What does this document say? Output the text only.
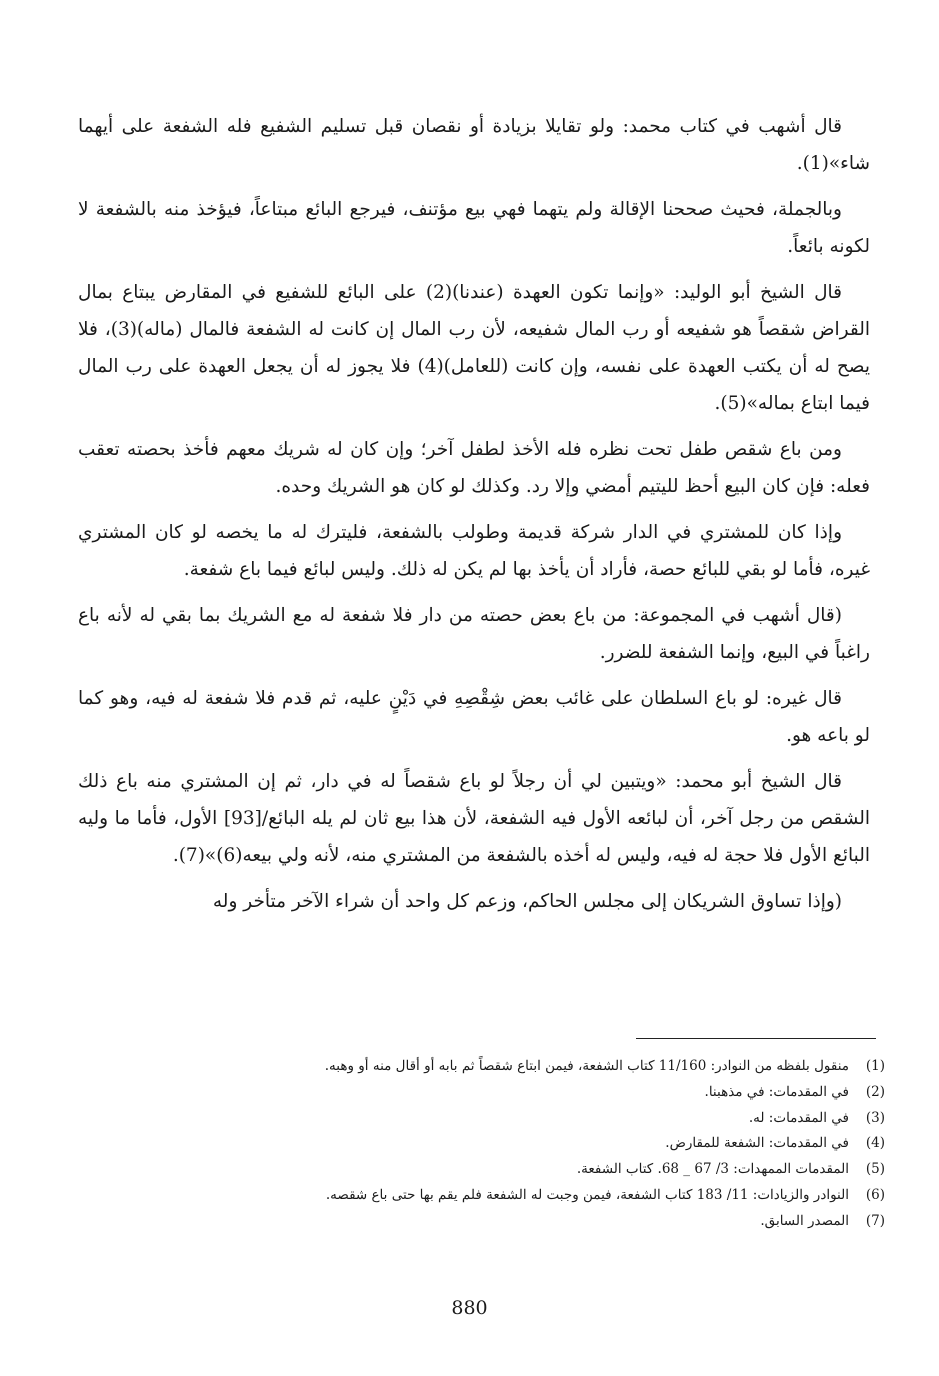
قال أشهب في كتاب محمد: ولو تقايلا بزيادة أو نقصان قبل تسليم الشفيع فله الشفعة على أيهما شاء»(1).

وبالجملة، فحيث صححنا الإقالة ولم يتهما فهي بيع مؤتنف، فيرجع البائع مبتاعاً، فيؤخذ منه بالشفعة لا لكونه بائعاً.

قال الشيخ أبو الوليد: «وإنما تكون العهدة (عندنا)(2) على البائع للشفيع في المقارض يبتاع بمال القراض شقصاً هو شفيعه أو رب المال شفيعه، لأن رب المال إن كانت له الشفعة فالمال (ماله)(3)، فلا يصح له أن يكتب العهدة على نفسه، وإن كانت (للعامل)(4) فلا يجوز له أن يجعل العهدة على رب المال فيما ابتاع بماله»(5).

ومن باع شقص طفل تحت نظره فله الأخذ لطفل آخر؛ وإن كان له شريك معهم فأخذ بحصته تعقب فعله: فإن كان البيع أحظ لليتيم أمضي وإلا رد. وكذلك لو كان هو الشريك وحده.

وإذا كان للمشتري في الدار شركة قديمة وطولب بالشفعة، فليترك له ما يخصه لو كان المشتري غيره، فأما لو بقي للبائع حصة، فأراد أن يأخذ بها لم يكن له ذلك. وليس لبائع فيما باع شفعة.

(قال أشهب في المجموعة: من باع بعض حصته من دار فلا شفعة له مع الشريك بما بقي له لأنه باع راغباً في البيع، وإنما الشفعة للضرر.

قال غيره: لو باع السلطان على غائب بعض شِقْصِهِ في دَيْنٍ عليه، ثم قدم فلا شفعة له فيه، وهو كما لو باعه هو.

قال الشيخ أبو محمد: «ويتبين لي أن رجلاً لو باع شقصاً له في دار، ثم إن المشتري منه باع ذلك الشقص من رجل آخر، أن لبائعه الأول فيه الشفعة، لأن هذا بيع ثان لم يله البائع/[93] الأول، فأما ما وليه البائع الأول فلا حجة له فيه، وليس له أخذه بالشفعة من المشتري منه، لأنه ولي بيعه(6)»(7).

(وإذا تساوق الشريكان إلى مجلس الحاكم، وزعم كل واحد أن شراء الآخر متأخر وله

(1)منقول بلفظه من النوادر: 11/160 كتاب الشفعة، فيمن ابتاع شقصاً ثم بابه أو أقال منه أو وهبه.
(2)في المقدمات: في مذهبنا.
(3)في المقدمات: له.
(4)في المقدمات: الشفعة للمقارض.
(5)المقدمات الممهدات: 3/ 67 _ 68. كتاب الشفعة.
(6)النوادر والزيادات: 11/ 183 كتاب الشفعة، فيمن وجبت له الشفعة فلم يقم بها حتى باع شقصه.
(7)المصدر السابق.
880
